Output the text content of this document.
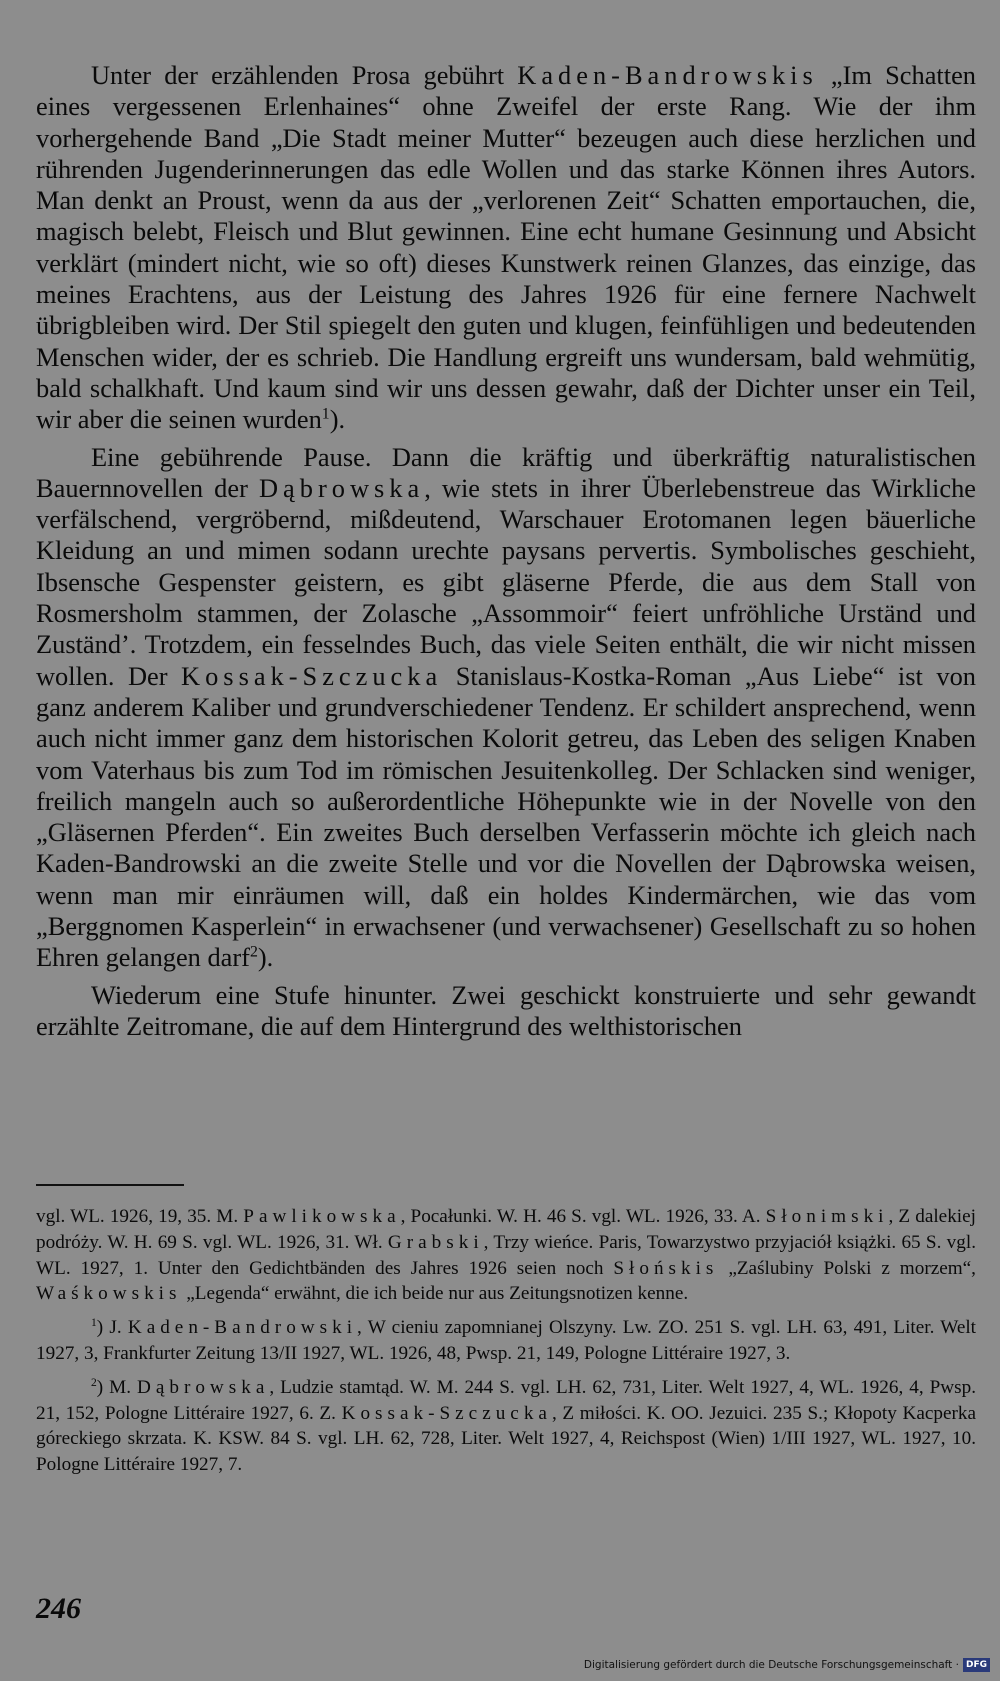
Unter der erzählenden Prosa gebührt Kaden-Bandrowskis „Im Schatten eines vergessenen Erlenhaines“ ohne Zweifel der erste Rang. Wie der ihm vorhergehende Band „Die Stadt meiner Mutter“ bezeugen auch diese herzlichen und rührenden Jugenderinnerungen das edle Wollen und das starke Können ihres Autors. Man denkt an Proust, wenn da aus der „verlorenen Zeit“ Schatten emportauchen, die, magisch belebt, Fleisch und Blut gewinnen. Eine echt humane Gesinnung und Absicht verklärt (mindert nicht, wie so oft) dieses Kunstwerk reinen Glanzes, das einzige, das meines Erachtens, aus der Leistung des Jahres 1926 für eine fernere Nachwelt übrigbleiben wird. Der Stil spiegelt den guten und klugen, feinfühligen und bedeutenden Menschen wider, der es schrieb. Die Handlung ergreift uns wundersam, bald wehmütig, bald schalkhaft. Und kaum sind wir uns dessen gewahr, daß der Dichter unser ein Teil, wir aber die seinen wurden$^1$).

Eine gebührende Pause. Dann die kräftig und überkräftig naturalistischen Bauernnovellen der Dąbrowska, wie stets in ihrer Überlebenstreue das Wirkliche verfälschend, vergröbernd, mißdeutend, Warschauer Erotomanen legen bäuerliche Kleidung an und mimen sodann urechte paysans pervertis. Symbolisches geschieht, Ibsensche Gespenster geistern, es gibt gläserne Pferde, die aus dem Stall von Rosmersholm stammen, der Zolasche „Assommoir“ feiert unfröhliche Urständ und Zuständ’. Trotzdem, ein fesselndes Buch, das viele Seiten enthält, die wir nicht missen wollen. Der Kossak-Szczucka Stanislaus-Kostka-Roman „Aus Liebe“ ist von ganz anderem Kaliber und grundverschiedener Tendenz. Er schildert ansprechend, wenn auch nicht immer ganz dem historischen Kolorit getreu, das Leben des seligen Knaben vom Vaterhaus bis zum Tod im römischen Jesuitenkolleg. Der Schlacken sind weniger, freilich mangeln auch so außerordentliche Höhepunkte wie in der Novelle von den „Gläsernen Pferden“. Ein zweites Buch derselben Verfasserin möchte ich gleich nach Kaden-Bandrowski an die zweite Stelle und vor die Novellen der Dąbrowska weisen, wenn man mir einräumen will, daß ein holdes Kindermärchen, wie das vom „Berggnomen Kasperlein“ in erwachsener (und verwachsener) Gesellschaft zu so hohen Ehren gelangen darf$^2$).

Wiederum eine Stufe hinunter. Zwei geschickt konstruierte und sehr gewandt erzählte Zeitromane, die auf dem Hintergrund des welthistorischen

vgl. WL. 1926, 19, 35. M. Pawlikowska, Pocałunki. W. H. 46 S. vgl. WL. 1926, 33. A. Słonimski, Z dalekiej podróży. W. H. 69 S. vgl. WL. 1926, 31. Wł. Grabski, Trzy wieńce. Paris, Towarzystwo przyjaciół książki. 65 S. vgl. WL. 1927, 1. Unter den Gedichtbänden des Jahres 1926 seien noch Słońskis „Zaślubiny Polski z morzem“, Waśkowskis „Legenda“ erwähnt, die ich beide nur aus Zeitungsnotizen kenne.

$^1$) J. Kaden-Bandrowski, W cieniu zapomnianej Olszyny. Lw. ZO. 251 S. vgl. LH. 63, 491, Liter. Welt 1927, 3, Frankfurter Zeitung 13/II 1927, WL. 1926, 48, Pwsp. 21, 149, Pologne Littéraire 1927, 3.

$^2$) M. Dąbrowska, Ludzie stamtąd. W. M. 244 S. vgl. LH. 62, 731, Liter. Welt 1927, 4, WL. 1926, 4, Pwsp. 21, 152, Pologne Littéraire 1927, 6. Z. Kossak-Szczucka, Z miłości. K. OO. Jezuici. 235 S.; Kłopoty Kacperka góreckiego skrzata. K. KSW. 84 S. vgl. LH. 62, 728, Liter. Welt 1927, 4, Reichspost (Wien) 1/III 1927, WL. 1927, 10. Pologne Littéraire 1927, 7.

246
Digitalisierung gefördert durch die Deutsche Forschungsgemeinschaft · DFG
